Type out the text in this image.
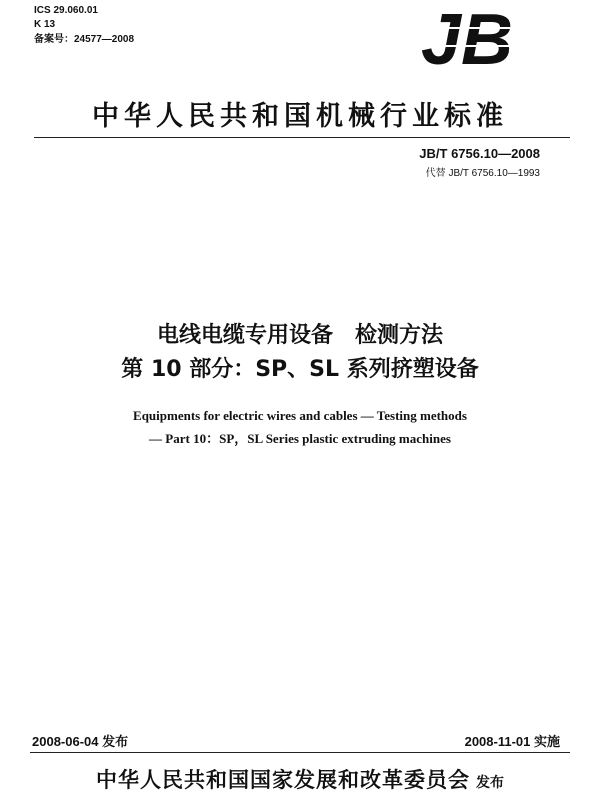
ICS 29.060.01
K 13
备案号：24577—2008	JB
中华人民共和国机械行业标准
JB/T 6756.10—2008
代替 JB/T 6756.10—1993
电线电缆专用设备　检测方法
第 10 部分：SP、SL 系列挤塑设备
Equipments for electric wires and cables — Testing methods
— Part 10：SP，SL Series plastic extruding machines
2008-06-04 发布	2008-11-01 实施
中华人民共和国国家发展和改革委员会 发布
